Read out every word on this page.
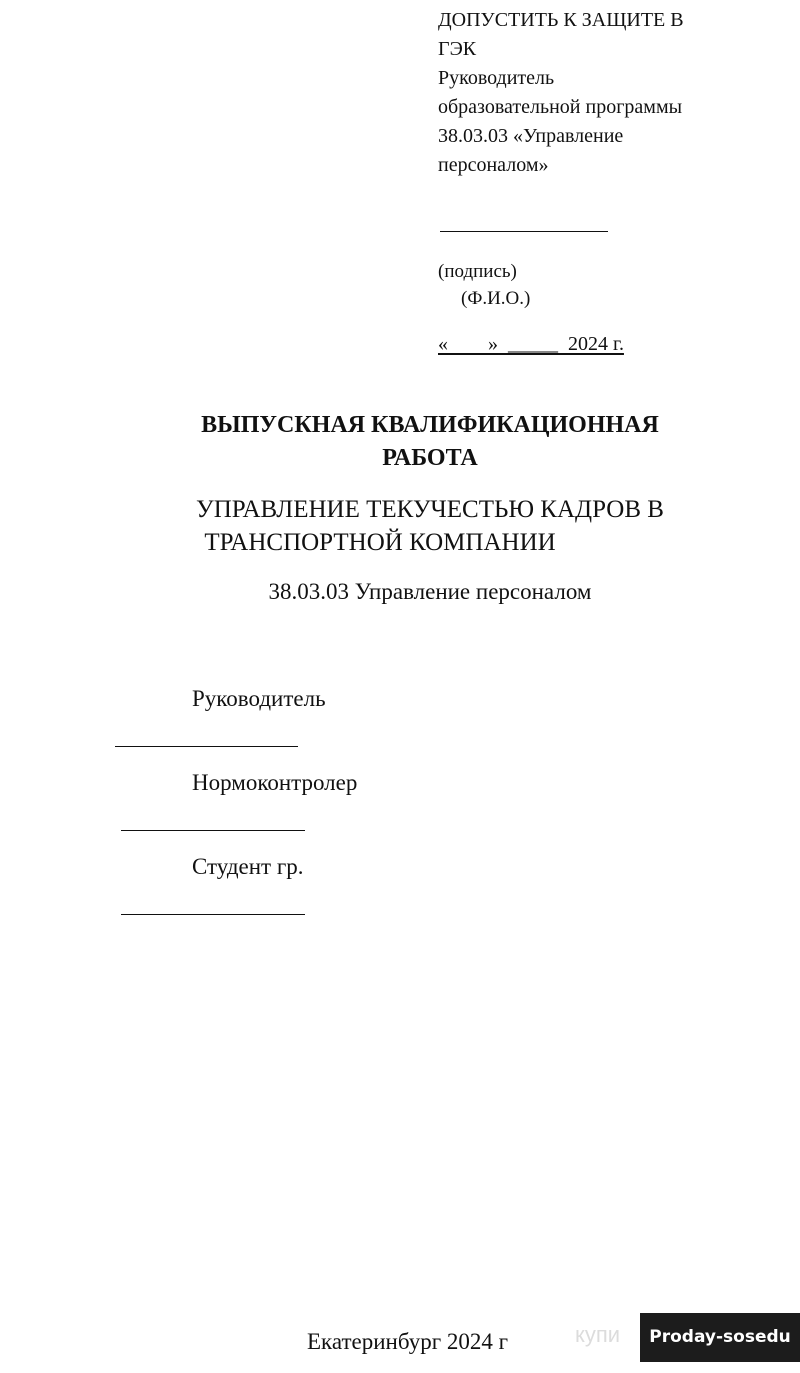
ДОПУСТИТЬ К ЗАЩИТЕ В
ГЭК
Руководитель
образовательной программы
38.03.03 «Управление
персоналом»
(подпись)
(Ф.И.О.)
«        »  _____  2024 г.
ВЫПУСКНАЯ КВАЛИФИКАЦИОННАЯ
РАБОТА
УПРАВЛЕНИЕ ТЕКУЧЕСТЬЮ КАДРОВ В
ТРАНСПОРТНОЙ КОМПАНИИ
38.03.03 Управление персоналом
Руководитель
Нормоконтролер
Студент гр.
Екатеринбург 2024 г	купи	Proday-sosedu
